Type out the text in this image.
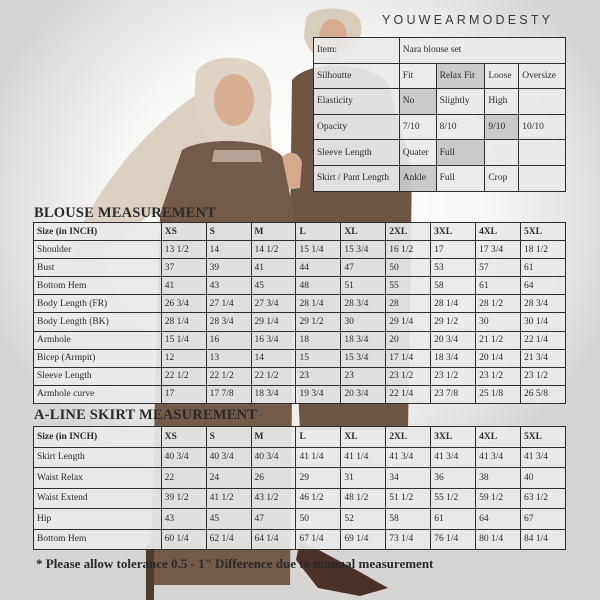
YOUWEARMODESTY
Item:	Nara blouse set			
Silhoutte	Fit	Relax Fit	Loose	Oversize
Elasticity	No	Slightly	High	
Opacity	7/10	8/10	9/10	10/10
Sleeve Length	Quater	Full		
Skirt / Pant Length	Ankle	Full	Crop	
BLOUSE MEASUREMENT
Size (in INCH)	XS	S	M	L	XL	2XL	3XL	4XL	5XL
Shoulder	13 1/2	14	14 1/2	15 1/4	15 3/4	16 1/2	17	17 3/4	18 1/2
Bust	37	39	41	44	47	50	53	57	61
Bottom Hem	41	43	45	48	51	55	58	61	64
Body Length (FR)	26 3/4	27 1/4	27 3/4	28 1/4	28 3/4	28	28 1/4	28 1/2	28 3/4
Body Length (BK)	28 1/4	28 3/4	29 1/4	29 1/2	30	29 1/4	29 1/2	30	30 1/4
Armhole	15 1/4	16	16 3/4	18	18 3/4	20	20 3/4	21 1/2	22 1/4
Bicep (Armpit)	12	13	14	15	15 3/4	17 1/4	18 3/4	20 1/4	21 3/4
Sleeve Length	22 1/2	22 1/2	22 1/2	23	23	23 1/2	23 1/2	23 1/2	23 1/2
Armhole curve	17	17 7/8	18 3/4	19 3/4	20 3/4	22 1/4	23 7/8	25 1/8	26 5/8
A-LINE SKIRT MEASUREMENT
Size (in INCH)	XS	S	M	L	XL	2XL	3XL	4XL	5XL
Skirt Length	40 3/4	40 3/4	40 3/4	41 1/4	41 1/4	41 3/4	41 3/4	41 3/4	41 3/4
Waist Relax	22	24	26	29	31	34	36	38	40
Waist Extend	39 1/2	41 1/2	43 1/2	46 1/2	48 1/2	51 1/2	55 1/2	59 1/2	63 1/2
Hip	43	45	47	50	52	58	61	64	67
Bottom Hem	60 1/4	62 1/4	64 1/4	67 1/4	69 1/4	73 1/4	76 1/4	80 1/4	84 1/4
* Please allow tolerance 0.5 - 1" Difference due to manual measurement
